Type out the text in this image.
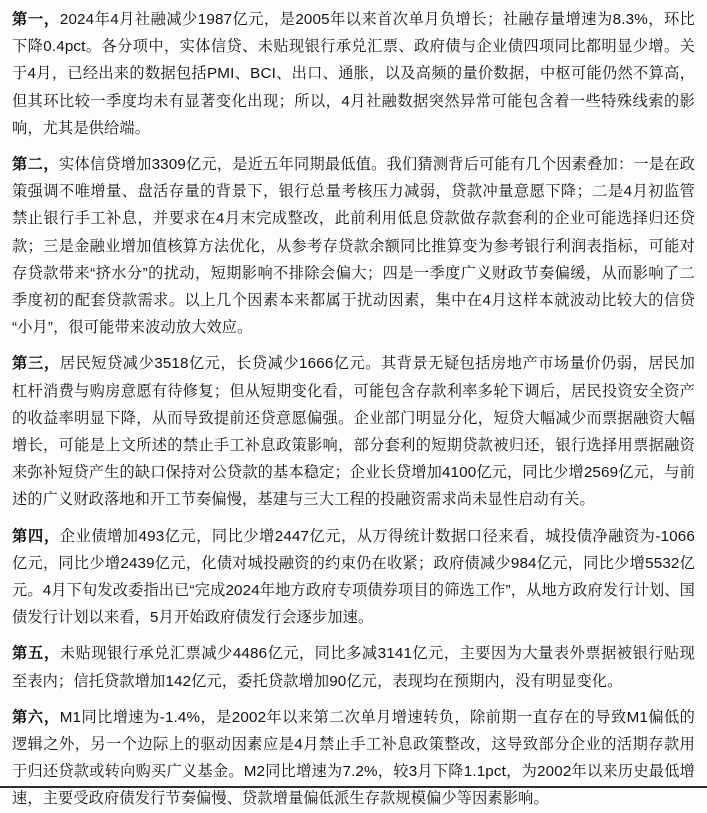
第一，2024年4月社融减少1987亿元，是2005年以来首次单月负增长；社融存量增速为8.3%，环比下降0.4pct。各分项中，实体信贷、未贴现银行承兑汇票、政府债与企业债四项同比都明显少增。关于4月，已经出来的数据包括PMI、BCI、出口、通胀，以及高频的量价数据，中枢可能仍然不算高，但其环比较一季度均未有显著变化出现；所以，4月社融数据突然异常可能包含着一些特殊线索的影响，尤其是供给端。

第二，实体信贷增加3309亿元，是近五年同期最低值。我们猜测背后可能有几个因素叠加：一是在政策强调不唯增量、盘活存量的背景下，银行总量考核压力减弱，贷款冲量意愿下降；二是4月初监管禁止银行手工补息，并要求在4月末完成整改，此前利用低息贷款做存款套利的企业可能选择归还贷款；三是金融业增加值核算方法优化，从参考存贷款余额同比推算变为参考银行利润表指标，可能对存贷款带来“挤水分”的扰动，短期影响不排除会偏大；四是一季度广义财政节奏偏缓，从而影响了二季度初的配套贷款需求。以上几个因素本来都属于扰动因素，集中在4月这样本就波动比较大的信贷“小月”，很可能带来波动放大效应。

第三，居民短贷减少3518亿元，长贷减少1666亿元。其背景无疑包括房地产市场量价仍弱，居民加杠杆消费与购房意愿有待修复；但从短期变化看，可能包含存款利率多轮下调后，居民投资安全资产的收益率明显下降，从而导致提前还贷意愿偏强。企业部门明显分化，短贷大幅减少而票据融资大幅增长，可能是上文所述的禁止手工补息政策影响，部分套利的短期贷款被归还，银行选择用票据融资来弥补短贷产生的缺口保持对公贷款的基本稳定；企业长贷增加4100亿元，同比少增2569亿元，与前述的广义财政落地和开工节奏偏慢，基建与三大工程的投融资需求尚未显性启动有关。

第四，企业债增加493亿元，同比少增2447亿元，从万得统计数据口径来看，城投债净融资为-1066亿元，同比少增2439亿元，化债对城投融资的约束仍在收紧；政府债减少984亿元，同比少增5532亿元。4月下旬发改委指出已“完成2024年地方政府专项债券项目的筛选工作”，从地方政府发行计划、国债发行计划以来看，5月开始政府债发行会逐步加速。

第五，未贴现银行承兑汇票减少4486亿元，同比多减3141亿元，主要因为大量表外票据被银行贴现至表内；信托贷款增加142亿元，委托贷款增加90亿元，表现均在预期内，没有明显变化。

第六，M1同比增速为-1.4%，是2002年以来第二次单月增速转负，除前期一直存在的导致M1偏低的逻辑之外，另一个边际上的驱动因素应是4月禁止手工补息政策整改，这导致部分企业的活期存款用于归还贷款或转向购买广义基金。M2同比增速为7.2%，较3月下降1.1pct，为2002年以来历史最低增速，主要受政府债发行节奏偏慢、贷款增量偏低派生存款规模偏少等因素影响。
